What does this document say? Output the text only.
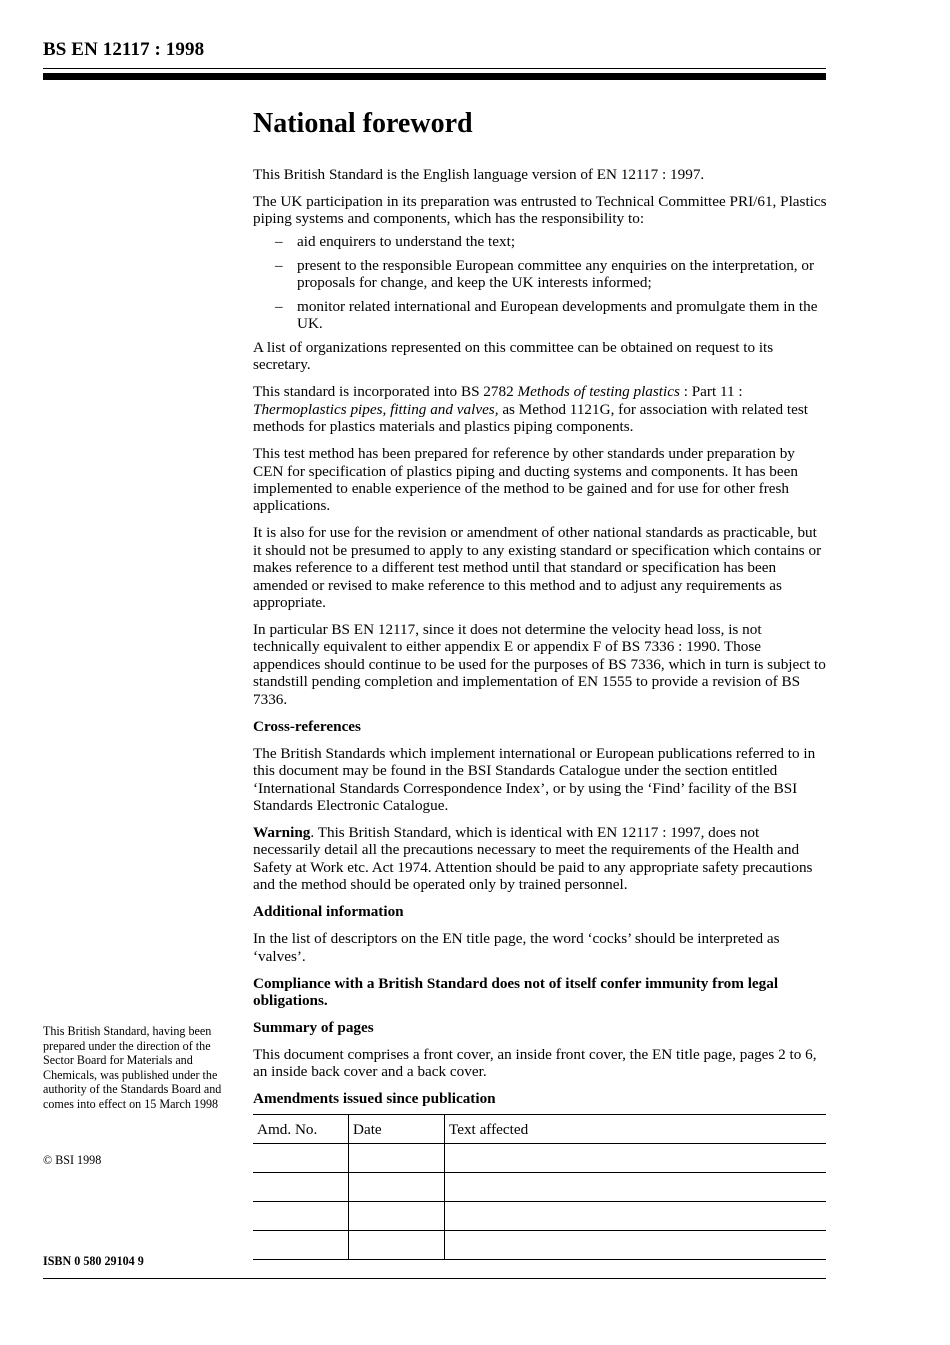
BS EN 12117 : 1998
National foreword

This British Standard is the English language version of EN 12117 : 1997.

The UK participation in its preparation was entrusted to Technical Committee PRI/61, Plastics piping systems and components, which has the responsibility to:

– aid enquirers to understand the text;
– present to the responsible European committee any enquiries on the interpretation, or proposals for change, and keep the UK interests informed;
– monitor related international and European developments and promulgate them in the UK.

A list of organizations represented on this committee can be obtained on request to its secretary.

This standard is incorporated into BS 2782 Methods of testing plastics : Part 11 : Thermoplastics pipes, fitting and valves, as Method 1121G, for association with related test methods for plastics materials and plastics piping components.

This test method has been prepared for reference by other standards under preparation by CEN for specification of plastics piping and ducting systems and components. It has been implemented to enable experience of the method to be gained and for use for other fresh applications.

It is also for use for the revision or amendment of other national standards as practicable, but it should not be presumed to apply to any existing standard or specification which contains or makes reference to a different test method until that standard or specification has been amended or revised to make reference to this method and to adjust any requirements as appropriate.

In particular BS EN 12117, since it does not determine the velocity head loss, is not technically equivalent to either appendix E or appendix F of BS 7336 : 1990. Those appendices should continue to be used for the purposes of BS 7336, which in turn is subject to standstill pending completion and implementation of EN 1555 to provide a revision of BS 7336.

Cross-references

The British Standards which implement international or European publications referred to in this document may be found in the BSI Standards Catalogue under the section entitled ‘International Standards Correspondence Index’, or by using the ‘Find’ facility of the BSI Standards Electronic Catalogue.

Warning. This British Standard, which is identical with EN 12117 : 1997, does not necessarily detail all the precautions necessary to meet the requirements of the Health and Safety at Work etc. Act 1974. Attention should be paid to any appropriate safety precautions and the method should be operated only by trained personnel.

Additional information

In the list of descriptors on the EN title page, the word ‘cocks’ should be interpreted as ‘valves’.

Compliance with a British Standard does not of itself confer immunity from legal obligations.

Summary of pages

This document comprises a front cover, an inside front cover, the EN title page, pages 2 to 6, an inside back cover and a back cover.

Amendments issued since publication

Amd. No.	Date	Text affected

This British Standard, having been prepared under the direction of the Sector Board for Materials and Chemicals, was published under the authority of the Standards Board and comes into effect on 15 March 1998
© BSI 1998
ISBN 0 580 29104 9
